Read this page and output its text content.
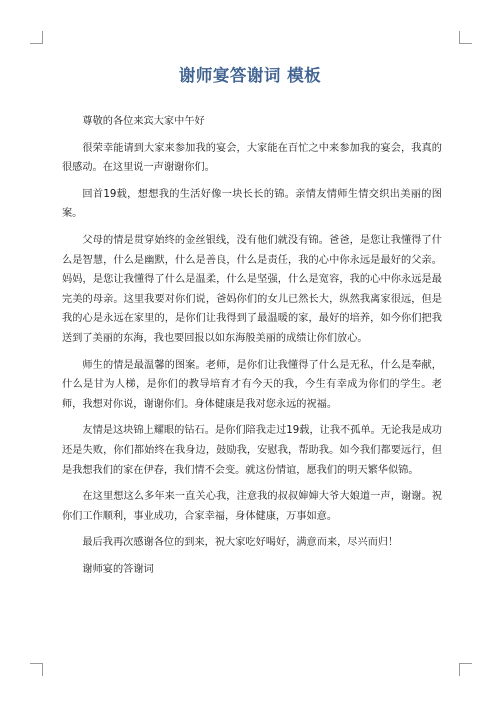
谢师宴答谢词 模板

尊敬的各位来宾大家中午好

很荣幸能请到大家来参加我的宴会，大家能在百忙之中来参加我的宴会，我真的很感动。在这里说一声谢谢你们。

回首19载，想想我的生活好像一块长长的锦。亲情友情师生情交织出美丽的图案。

父母的情是贯穿始终的金丝银线，没有他们就没有锦。爸爸，是您让我懂得了什么是智慧，什么是幽默，什么是善良，什么是责任，我的心中你永远是最好的父亲。妈妈，是您让我懂得了什么是温柔，什么是坚强，什么是宽容，我的心中你永远是最完美的母亲。这里我要对你们说，爸妈你们的女儿已然长大，纵然我离家很远，但是我的心是永远在家里的，是你们让我得到了最温暖的家，最好的培养，如今你们把我送到了美丽的东海，我也要回报以如东海般美丽的成绩让你们放心。

师生的情是最温馨的图案。老师，是你们让我懂得了什么是无私，什么是奉献，什么是甘为人梯，是你们的教导培育才有今天的我，今生有幸成为你们的学生。老师，我想对你说，谢谢你们。身体健康是我对您永远的祝福。

友情是这块锦上耀眼的钻石。是你们陪我走过19载，让我不孤单。无论我是成功还是失败，你们都始终在我身边，鼓励我，安慰我，帮助我。如今我们都要远行，但是我想我们的家在伊春，我们情不会变。就这份情谊，愿我们的明天繁华似锦。

在这里想这么多年来一直关心我，注意我的叔叔婶婶大爷大娘道一声，谢谢。祝你们工作顺利，事业成功，合家幸福，身体健康，万事如意。

最后我再次感谢各位的到来，祝大家吃好喝好，满意而来，尽兴而归！

谢师宴的答谢词
